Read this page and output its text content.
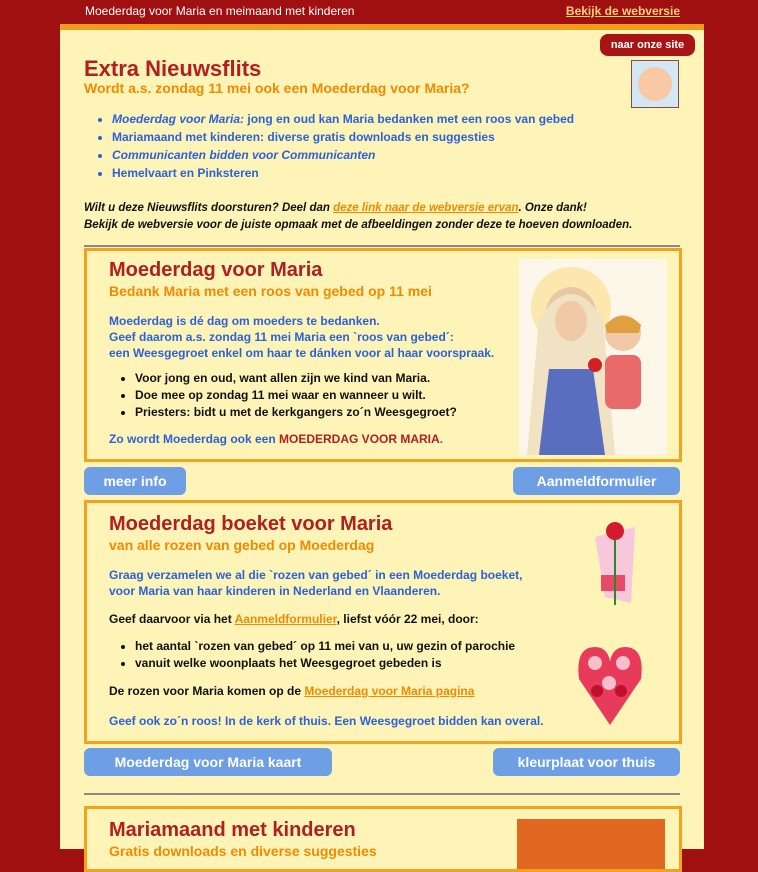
Moederdag voor Maria en meimaand met kinderen	Bekijk de webversie
naar onze site
Extra Nieuwsflits
Wordt a.s. zondag 11 mei ook een Moederdag voor Maria?
• Moederdag voor Maria: jong en oud kan Maria bedanken met een roos van gebed
• Mariamaand met kinderen: diverse gratis downloads en suggesties
• Communicanten bidden voor Communicanten
• Hemelvaart en Pinksteren
Wilt u deze Nieuwsflits doorsturen? Deel dan deze link naar de webversie ervan. Onze dank!
Bekijk de webversie voor de juiste opmaak met de afbeeldingen zonder deze te hoeven downloaden.
Moederdag voor Maria
Bedank Maria met een roos van gebed op 11 mei
Moederdag is dé dag om moeders te bedanken.
Geef daarom a.s. zondag 11 mei Maria een `roos van gebed´:
een Weesgegroet enkel om haar te dánken voor al haar voorspraak.
• Voor jong en oud, want allen zijn we kind van Maria.
• Doe mee op zondag 11 mei waar en wanneer u wilt.
• Priesters: bidt u met de kerkgangers zo´n Weesgegroet?
Zo wordt Moederdag ook een MOEDERDAG VOOR MARIA.
meer info	Aanmeldformulier
Moederdag boeket voor Maria
van alle rozen van gebed op Moederdag
Graag verzamelen we al die `rozen van gebed´ in een Moederdag boeket,
voor Maria van haar kinderen in Nederland en Vlaanderen.
Geef daarvoor via het Aanmeldformulier, liefst vóór 22 mei, door:
• het aantal `rozen van gebed´ op 11 mei van u, uw gezin of parochie
• vanuit welke woonplaats het Weesgegroet gebeden is
De rozen voor Maria komen op de Moederdag voor Maria pagina
Geef ook zo´n roos! In de kerk of thuis. Een Weesgegroet bidden kan overal.
Moederdag voor Maria kaart	kleurplaat voor thuis
Mariamaand met kinderen
Gratis downloads en diverse suggesties
